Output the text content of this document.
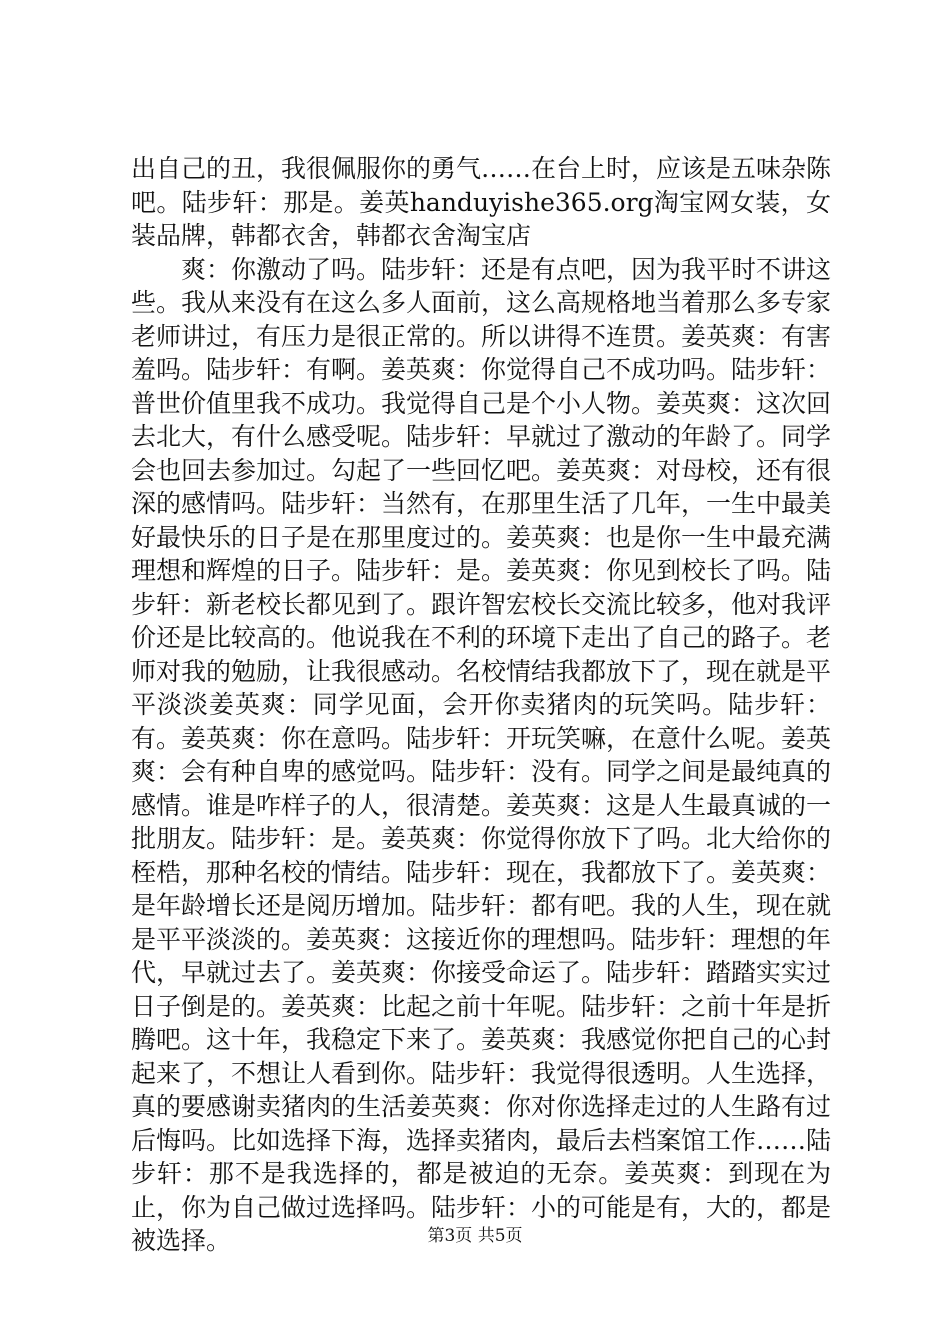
出自己的丑，我很佩服你的勇气……在台上时，应该是五味杂陈吧。陆步轩：那是。姜英handuyishe365.org淘宝网女装，女装品牌，韩都衣舍，韩都衣舍淘宝店

爽：你激动了吗。陆步轩：还是有点吧，因为我平时不讲这些。我从来没有在这么多人面前，这么高规格地当着那么多专家老师讲过，有压力是很正常的。所以讲得不连贯。姜英爽：有害羞吗。陆步轩：有啊。姜英爽：你觉得自己不成功吗。陆步轩：普世价值里我不成功。我觉得自己是个小人物。姜英爽：这次回去北大，有什么感受呢。陆步轩：早就过了激动的年龄了。同学会也回去参加过。勾起了一些回忆吧。姜英爽：对母校，还有很深的感情吗。陆步轩：当然有，在那里生活了几年，一生中最美好最快乐的日子是在那里度过的。姜英爽：也是你一生中最充满理想和辉煌的日子。陆步轩：是。姜英爽：你见到校长了吗。陆步轩：新老校长都见到了。跟许智宏校长交流比较多，他对我评价还是比较高的。他说我在不利的环境下走出了自己的路子。老师对我的勉励，让我很感动。名校情结我都放下了，现在就是平平淡淡姜英爽：同学见面，会开你卖猪肉的玩笑吗。陆步轩：有。姜英爽：你在意吗。陆步轩：开玩笑嘛，在意什么呢。姜英爽：会有种自卑的感觉吗。陆步轩：没有。同学之间是最纯真的感情。谁是咋样子的人，很清楚。姜英爽：这是人生最真诚的一批朋友。陆步轩：是。姜英爽：你觉得你放下了吗。北大给你的桎梏，那种名校的情结。陆步轩：现在，我都放下了。姜英爽：是年龄增长还是阅历增加。陆步轩：都有吧。我的人生，现在就是平平淡淡的。姜英爽：这接近你的理想吗。陆步轩：理想的年代，早就过去了。姜英爽：你接受命运了。陆步轩：踏踏实实过日子倒是的。姜英爽：比起之前十年呢。陆步轩：之前十年是折腾吧。这十年，我稳定下来了。姜英爽：我感觉你把自己的心封起来了，不想让人看到你。陆步轩：我觉得很透明。人生选择，真的要感谢卖猪肉的生活姜英爽：你对你选择走过的人生路有过后悔吗。比如选择下海，选择卖猪肉，最后去档案馆工作……陆步轩：那不是我选择的，都是被迫的无奈。姜英爽：到现在为止，你为自己做过选择吗。陆步轩：小的可能是有，大的，都是被选择。	第3页 共5页
